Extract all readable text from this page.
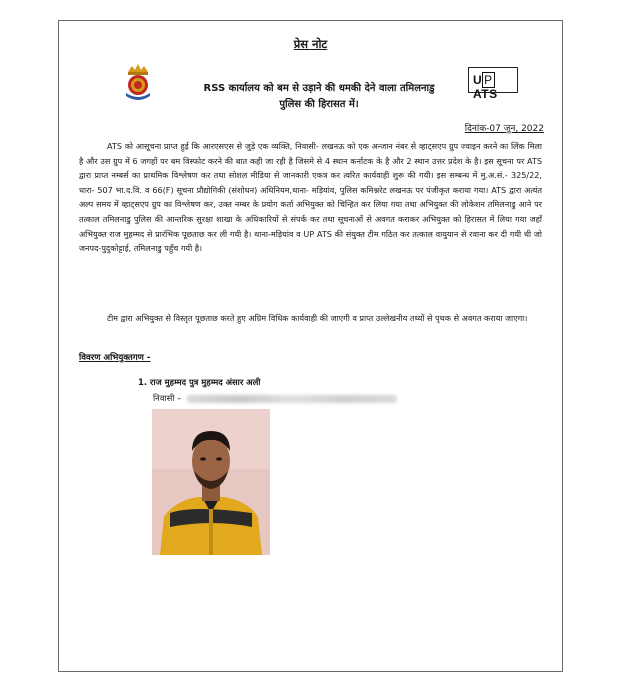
प्रेस नोट
U P ATS
RSS कार्यालय को बम से उड़ाने की धमकी देने वाला तमिलनाडु
पुलिस की हिरासत में।
दिनांक-07 जून, 2022
ATS को आसूचना प्राप्त हुई कि आरएसएस से जुड़े एक व्यक्ति, निवासी- लखनऊ को एक अन्जान नंबर से व्हाट्सएप ग्रुप ज्वाइन करने का लिंक मिला है और उस ग्रुप में 6 जगहों पर बम विस्फोट करने की बात कही जा रही है जिसमे से 4 स्थान कर्नाटक के है और 2 स्थान उत्तर प्रदेश के है। इस सूचना पर ATS द्वारा प्राप्त नम्बर्स का प्राथमिक विश्लेषण कर तथा सोशल मीडिया से जानकारी एकत्र कर त्वरित कार्यवाही शुरू की गयी। इस सम्बन्ध में मु.अ.सं.- 325/22, धारा- 507 भा.द.वि. व 66(F) सूचना प्रौद्योगिकी (संशोधन) अधिनियम,थाना- मड़ियांव, पुलिस कमिश्नरेट लखनऊ पर पंजीकृत कराया गया। ATS द्वारा अत्यंत अल्प समय में व्हाट्सएप ग्रुप का विश्लेषण कर, उक्त नम्बर के प्रयोग कर्ता अभियुक्त को चिन्हित कर लिया गया तथा अभियुक्त की लोकेशन तमिलनाडु आने पर तत्काल तमिलनाडु पुलिस की आन्तरिक सुरक्षा शाखा के अधिकारियों से संपर्क कर तथा सूचनाओं से अवगत कराकर अभियुक्त को हिरासत में लिया गया जहाँ अभियुक्त राज मुहम्मद से प्रारंभिक पूछताछ कर ली गयी है। थाना-मड़ियांव व UP ATS की संयुक्त टीम गठित कर तत्काल वायुयान से रवाना कर दी गयी थी जो जनपद-पुदुकोट्टाई, तमिलनाडु पहुँच गयी है।
टीम द्वारा अभियुक्त से विस्तृत पूछताछ करते हुए अग्रिम विधिक कार्यवाही की जाएगी व प्राप्त उल्लेखनीय तथ्यों से पृथक से अवगत कराया जाएगा।
विवरण अभियुक्तगण -
1. राज मुहम्मद पुत्र मुहम्मद अंसार अली
निवासी –
